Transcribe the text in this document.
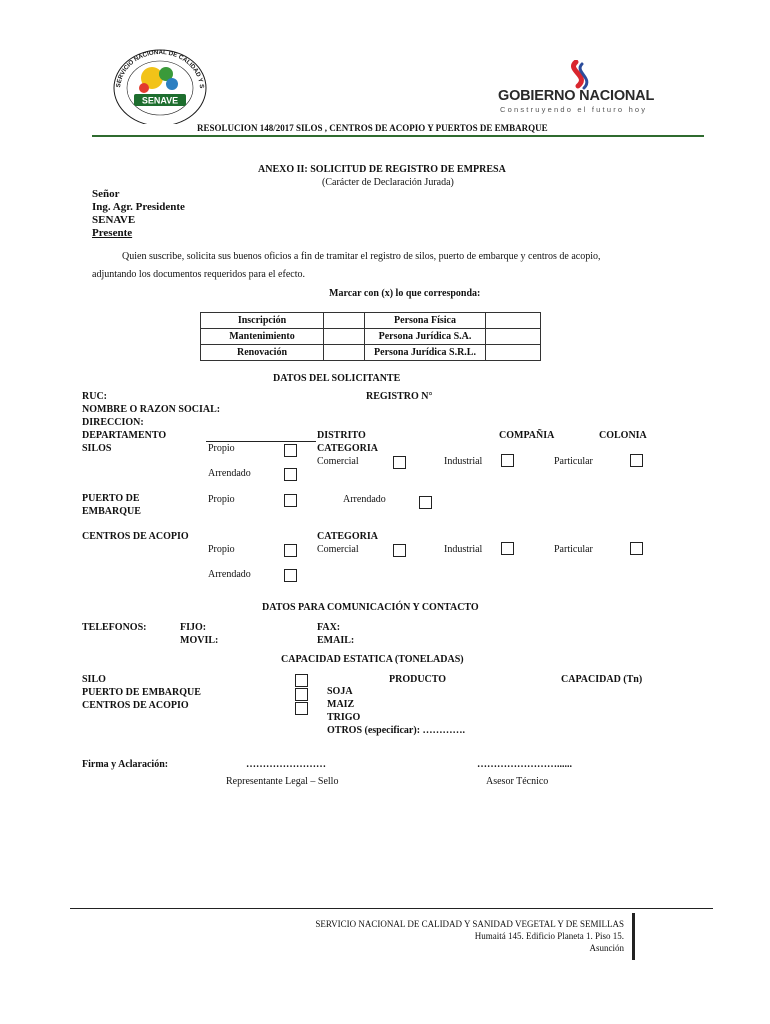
SERVICIO NACIONAL DE CALIDAD Y S
SENAVE	GOBIERNO NACIONAL
Construyendo el futuro hoy
RESOLUCION 148/2017 SILOS , CENTROS DE ACOPIO Y PUERTOS DE EMBARQUE
ANEXO II: SOLICITUD DE REGISTRO DE EMPRESA
(Carácter de Declaración Jurada)
Señor
Ing. Agr. Presidente
SENAVE
Presente
Quien suscribe, solicita sus buenos oficios a fin de tramitar el registro de silos, puerto de embarque y centros de acopio,
adjuntando los documentos requeridos para el efecto.
Marcar con (x) lo que corresponda:
Inscripción		Persona Física	
Mantenimiento		Persona Jurídica S.A.	
Renovación		Persona Jurídica S.R.L.	
DATOS DEL SOLICITANTE
RUC:	REGISTRO N°
NOMBRE O RAZON SOCIAL:
DIRECCION:
DEPARTAMENTO	DISTRITO	COMPAÑIA	COLONIA
SILOS	Propio	CATEGORIA
Comercial	Industrial	Particular
Arrendado
PUERTO DE
EMBARQUE
Propio	Arrendado
CENTROS DE ACOPIO	CATEGORIA
Propio	Comercial	Industrial	Particular
Arrendado
DATOS PARA COMUNICACIÓN Y CONTACTO
TELEFONOS:	FIJO:
MOVIL:
FAX:
EMAIL:
CAPACIDAD ESTATICA (TONELADAS)
SILO
PUERTO DE EMBARQUE
CENTROS DE ACOPIO
PRODUCTO	CAPACIDAD (Tn)
SOJA
MAIZ
TRIGO
OTROS (especificar): ………….
Firma y Aclaración:	……………………	……………………......
Representante Legal – Sello	Asesor Técnico
SERVICIO NACIONAL DE CALIDAD Y SANIDAD VEGETAL Y DE SEMILLAS
Humaitá 145. Edificio Planeta 1. Piso 15.
Asunción
